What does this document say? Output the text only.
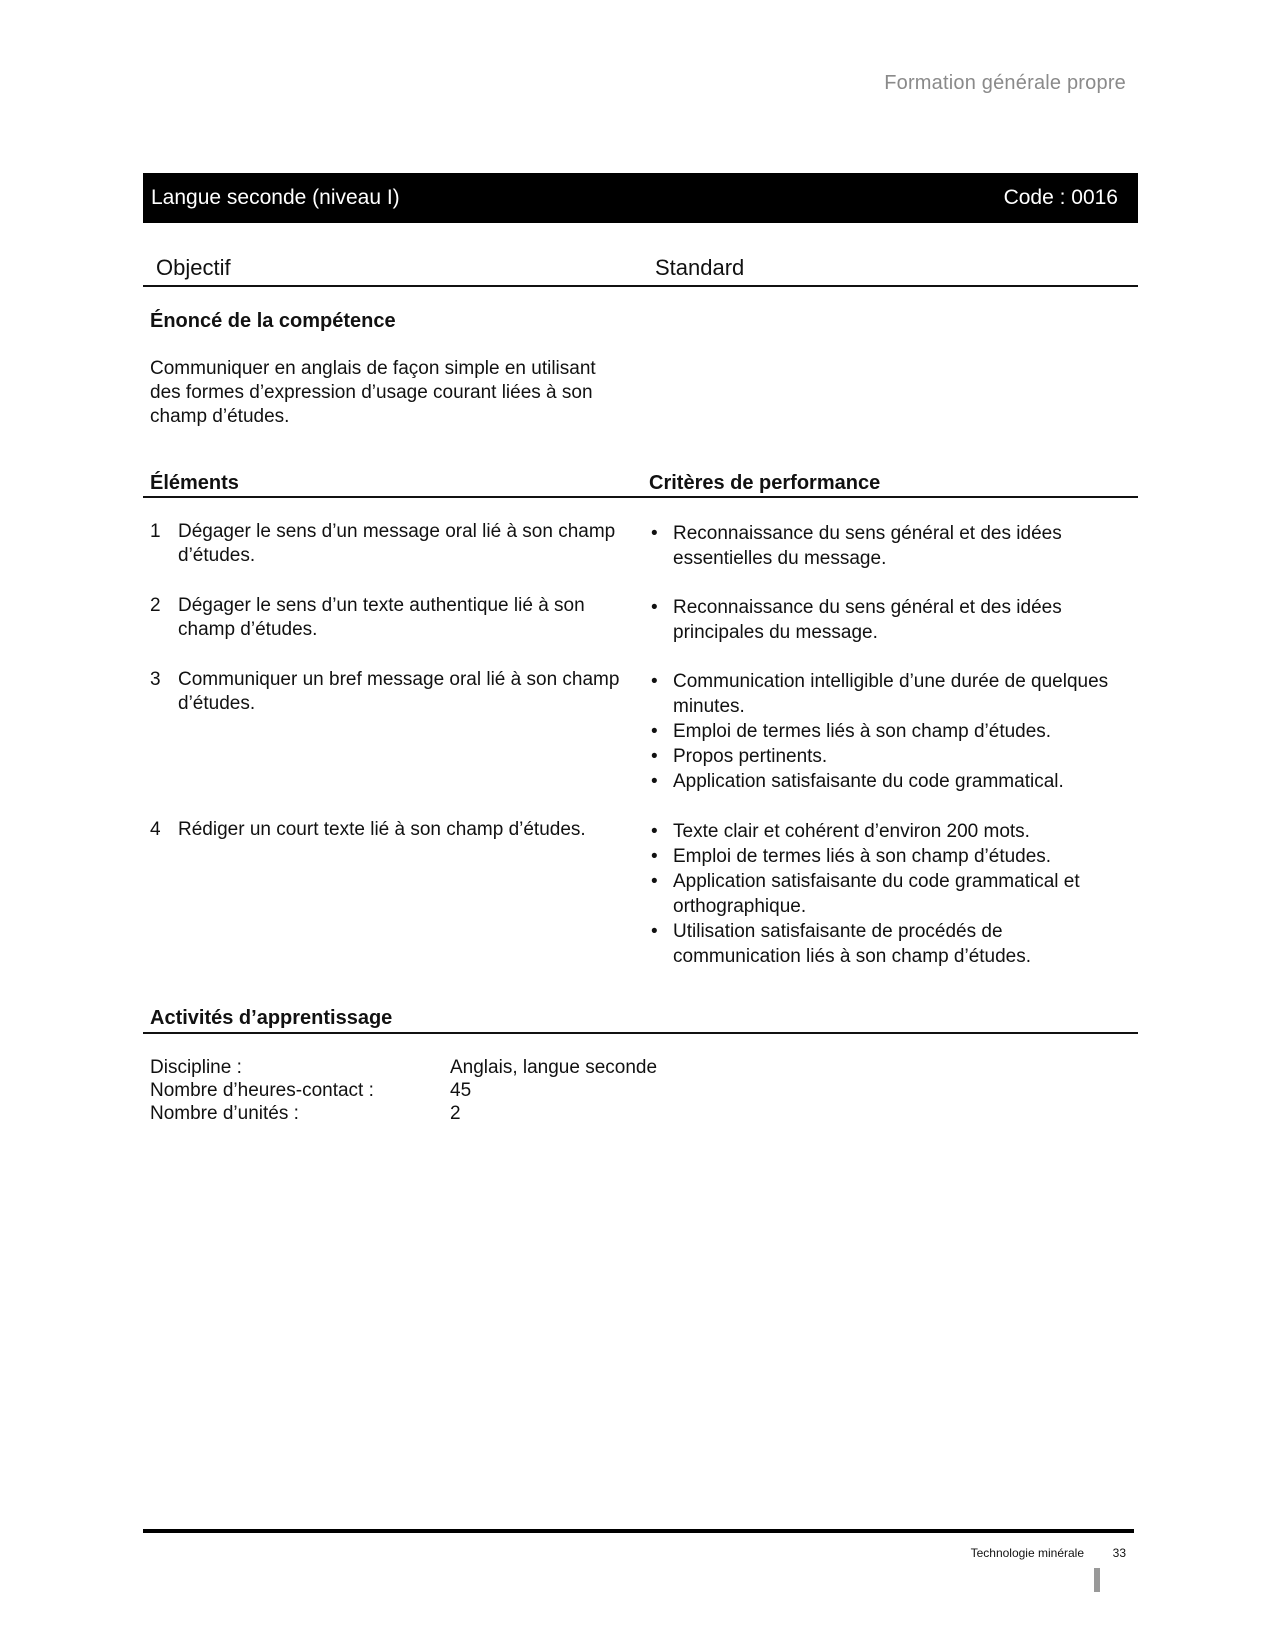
Formation générale propre
Langue seconde (niveau I)	Code : 0016
Objectif	Standard
Énoncé de la compétence
Communiquer en anglais de façon simple en utilisant
des formes d’expression d’usage courant liées à son
champ d’études.
Éléments	Critères de performance
1 Dégager le sens d’un message oral lié à son champ d’études.
• Reconnaissance du sens général et des idées essentielles du message.
2 Dégager le sens d’un texte authentique lié à son champ d’études.
• Reconnaissance du sens général et des idées principales du message.
3 Communiquer un bref message oral lié à son champ d’études.
• Communication intelligible d’une durée de quelques minutes.
• Emploi de termes liés à son champ d’études.
• Propos pertinents.
• Application satisfaisante du code grammatical.
4 Rédiger un court texte lié à son champ d’études.
•	Texte clair et cohérent d’environ 200 mots.
• Emploi de termes liés à son champ d’études.
• Application satisfaisante du code grammatical et orthographique.
• Utilisation satisfaisante de procédés de communication liés à son champ d’études.
Activités d’apprentissage
Discipline :	Anglais, langue seconde
Nombre d’heures-contact :	45
Nombre d’unités :	2
Technologie minérale 33
